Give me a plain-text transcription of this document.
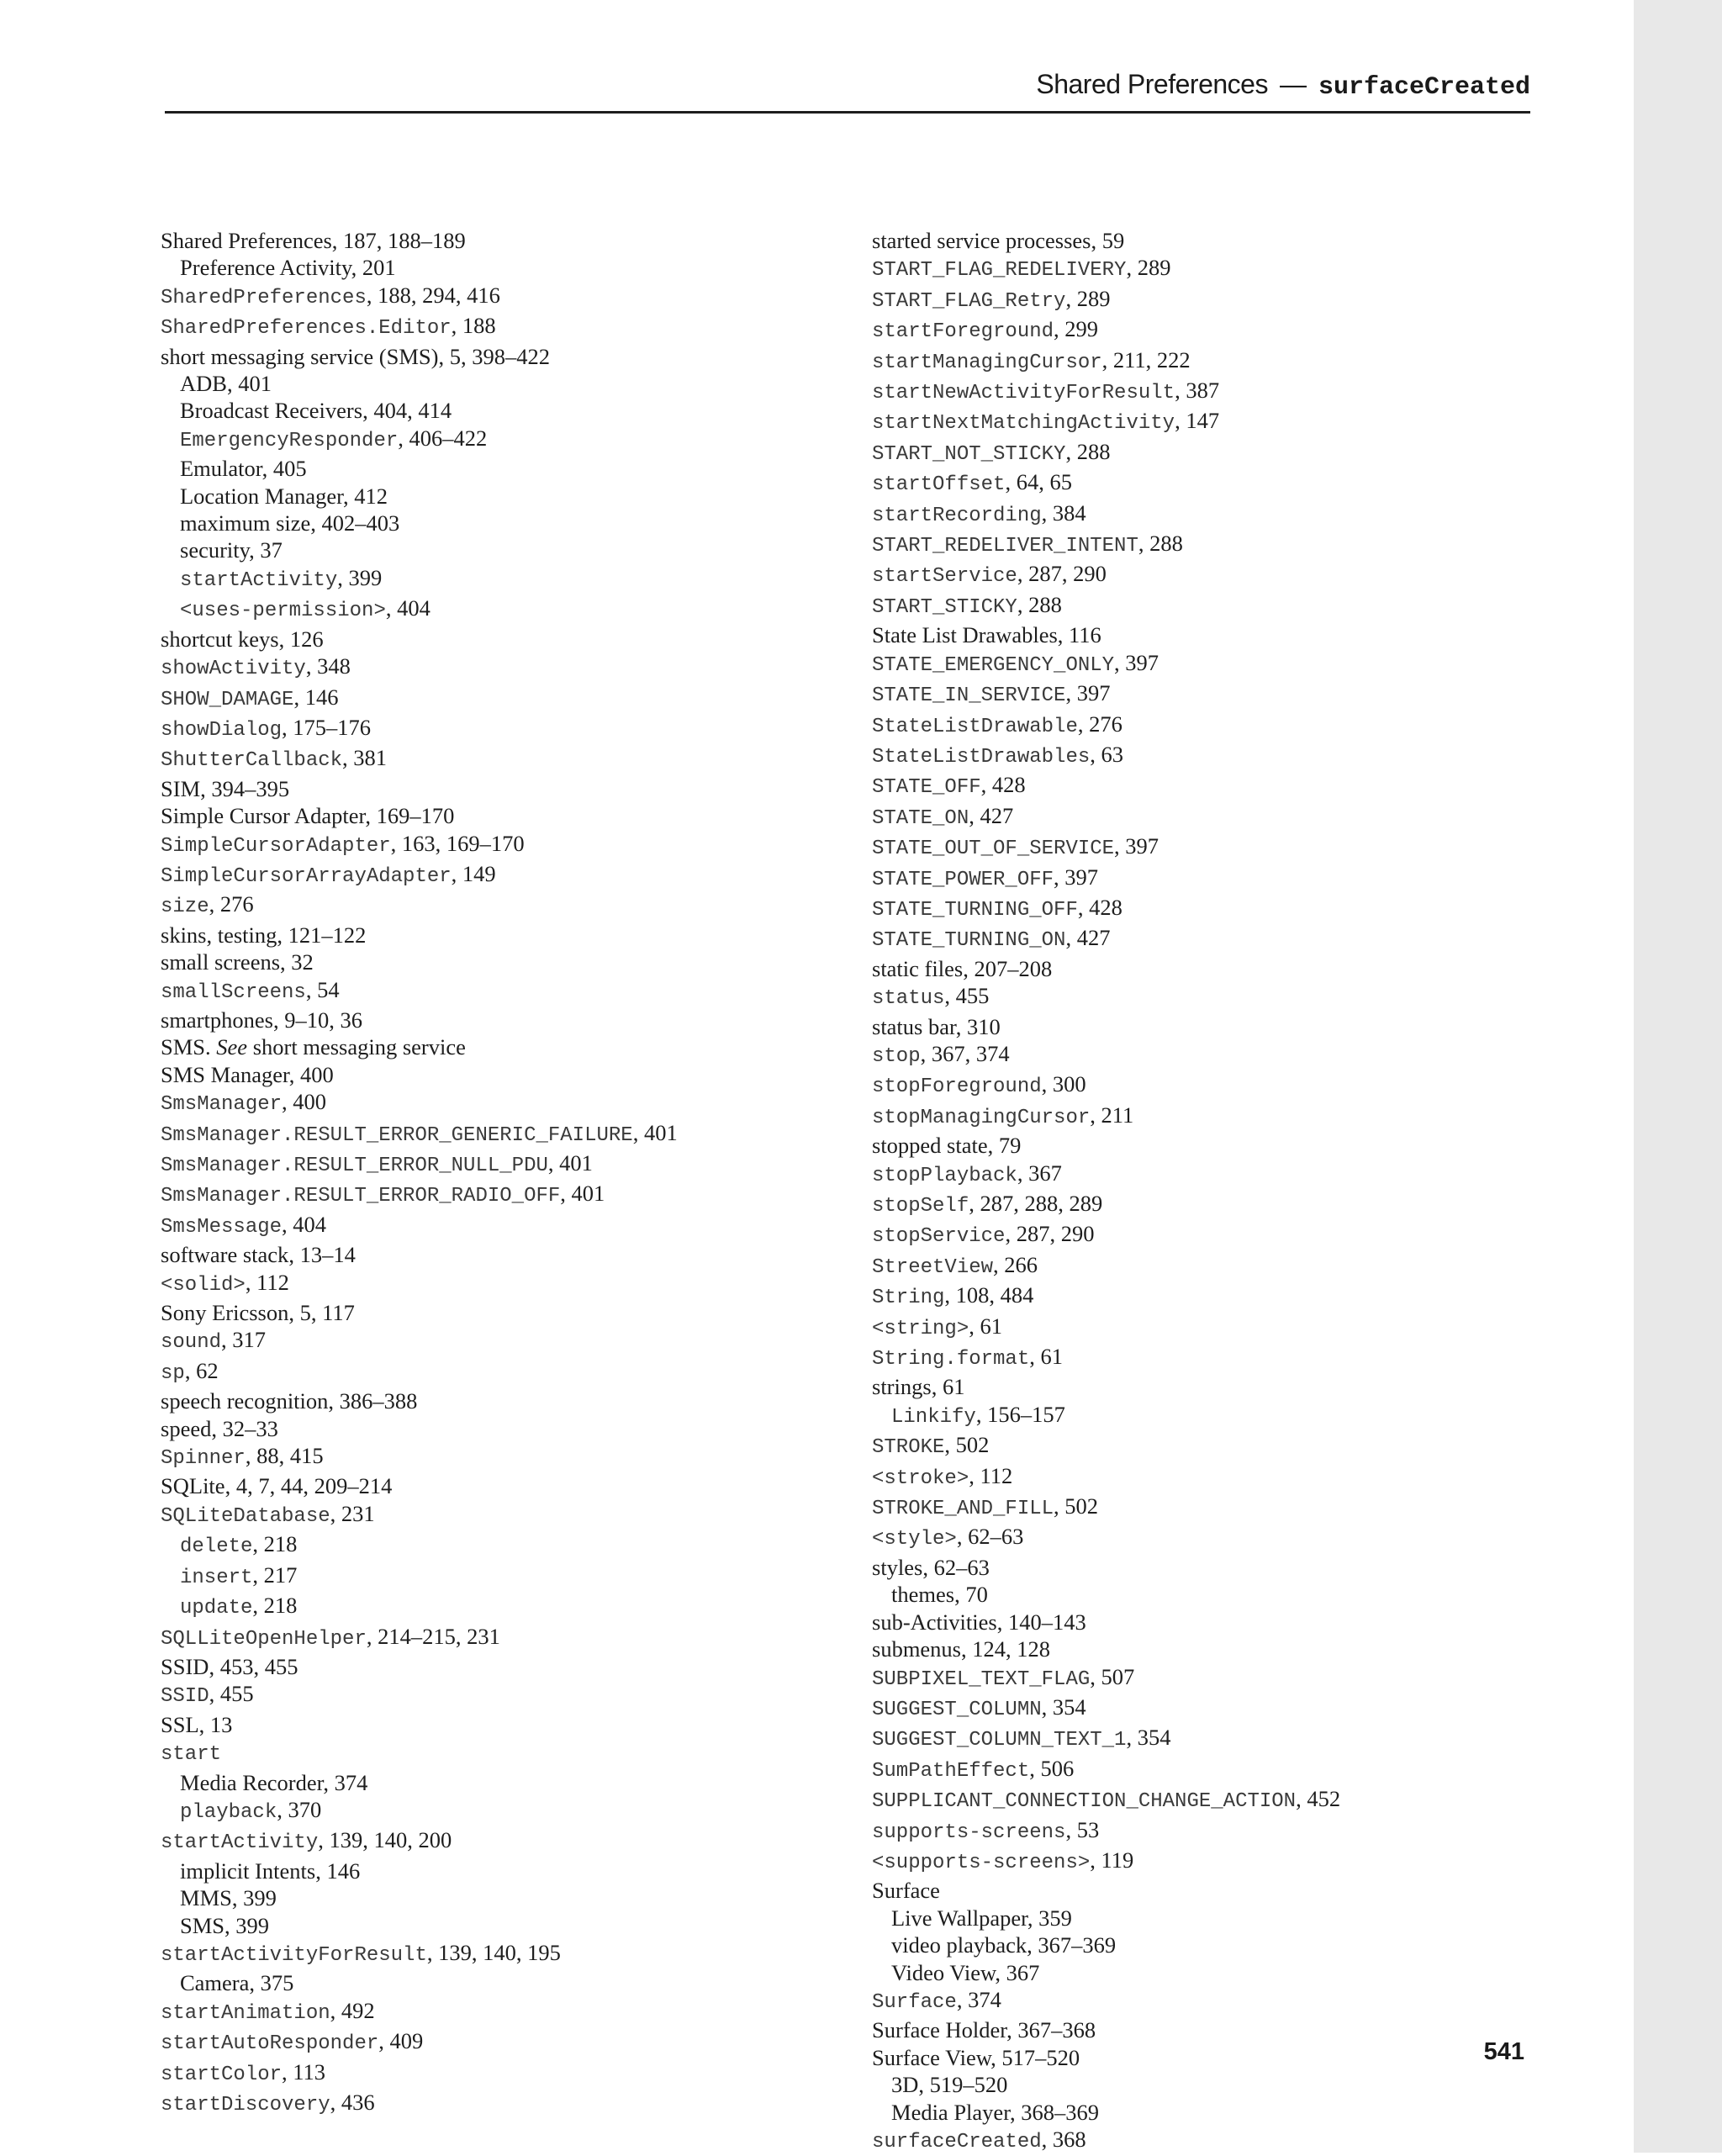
Shared Preferences — surfaceCreated
Shared Preferences, 187, 188–189
Preference Activity, 201
SharedPreferences, 188, 294, 416
SharedPreferences.Editor, 188
short messaging service (SMS), 5, 398–422
ADB, 401
Broadcast Receivers, 404, 414
EmergencyResponder, 406–422
Emulator, 405
Location Manager, 412
maximum size, 402–403
security, 37
startActivity, 399
<uses-permission>, 404
shortcut keys, 126
showActivity, 348
SHOW_DAMAGE, 146
showDialog, 175–176
ShutterCallback, 381
SIM, 394–395
Simple Cursor Adapter, 169–170
SimpleCursorAdapter, 163, 169–170
SimpleCursorArrayAdapter, 149
size, 276
skins, testing, 121–122
small screens, 32
smallScreens, 54
smartphones, 9–10, 36
SMS. See short messaging service
SMS Manager, 400
SmsManager, 400
SmsManager.RESULT_ERROR_GENERIC_FAILURE, 401
SmsManager.RESULT_ERROR_NULL_PDU, 401
SmsManager.RESULT_ERROR_RADIO_OFF, 401
SmsMessage, 404
software stack, 13–14
<solid>, 112
Sony Ericsson, 5, 117
sound, 317
sp, 62
speech recognition, 386–388
speed, 32–33
Spinner, 88, 415
SQLite, 4, 7, 44, 209–214
SQLiteDatabase, 231
delete, 218
insert, 217
update, 218
SQLLiteOpenHelper, 214–215, 231
SSID, 453, 455
SSID, 455
SSL, 13
start
Media Recorder, 374
playback, 370
startActivity, 139, 140, 200
implicit Intents, 146
MMS, 399
SMS, 399
startActivityForResult, 139, 140, 195
Camera, 375
startAnimation, 492
startAutoResponder, 409
startColor, 113
startDiscovery, 436
started service processes, 59
START_FLAG_REDELIVERY, 289
START_FLAG_Retry, 289
startForeground, 299
startManagingCursor, 211, 222
startNewActivityForResult, 387
startNextMatchingActivity, 147
START_NOT_STICKY, 288
startOffset, 64, 65
startRecording, 384
START_REDELIVER_INTENT, 288
startService, 287, 290
START_STICKY, 288
State List Drawables, 116
STATE_EMERGENCY_ONLY, 397
STATE_IN_SERVICE, 397
StateListDrawable, 276
StateListDrawables, 63
STATE_OFF, 428
STATE_ON, 427
STATE_OUT_OF_SERVICE, 397
STATE_POWER_OFF, 397
STATE_TURNING_OFF, 428
STATE_TURNING_ON, 427
static files, 207–208
status, 455
status bar, 310
stop, 367, 374
stopForeground, 300
stopManagingCursor, 211
stopped state, 79
stopPlayback, 367
stopSelf, 287, 288, 289
stopService, 287, 290
StreetView, 266
String, 108, 484
<string>, 61
String.format, 61
strings, 61
Linkify, 156–157
STROKE, 502
<stroke>, 112
STROKE_AND_FILL, 502
<style>, 62–63
styles, 62–63
themes, 70
sub-Activities, 140–143
submenus, 124, 128
SUBPIXEL_TEXT_FLAG, 507
SUGGEST_COLUMN, 354
SUGGEST_COLUMN_TEXT_1, 354
SumPathEffect, 506
SUPPLICANT_CONNECTION_CHANGE_ACTION, 452
supports-screens, 53
<supports-screens>, 119
Surface
Live Wallpaper, 359
video playback, 367–369
Video View, 367
Surface, 374
Surface Holder, 367–368
Surface View, 517–520
3D, 519–520
Media Player, 368–369
surfaceCreated, 368
541
